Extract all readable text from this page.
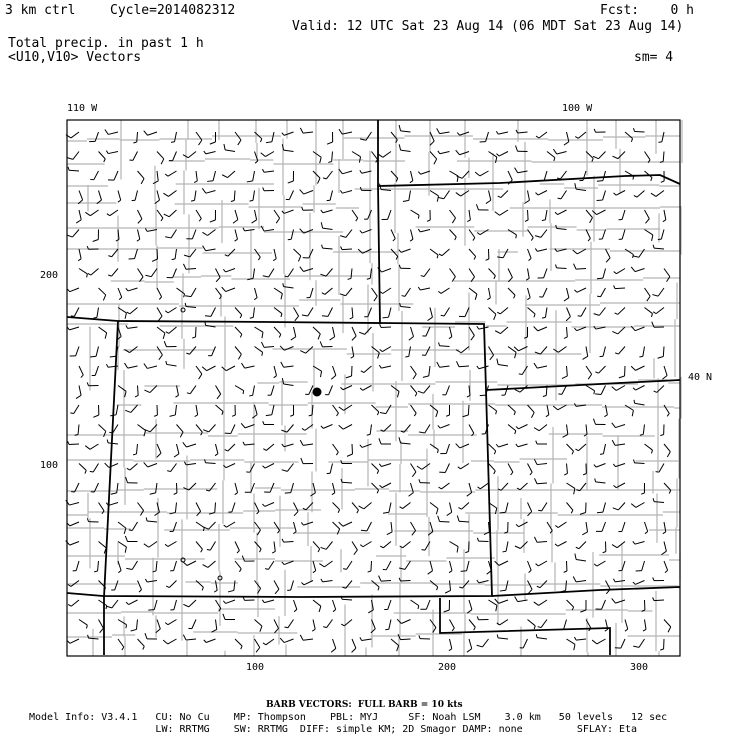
3 km ctrl	Cycle=2014082312	Fcst:    0 h
Valid: 12 UTC Sat 23 Aug 14 (06 MDT Sat 23 Aug 14)
Total precip. in past 1 h
<U10,V10> Vectors	sm= 4
110 W	100 W
40 N
100	200	300
200
100
BARB VECTORS:  FULL BARB = 10 kts
Model Info: V3.4.1   CU: No Cu    MP: Thompson    PBL: MYJ     SF: Noah LSM    3.0 km   50 levels   12 sec
LW: RRTMG    SW: RRTMG  DIFF: simple KM; 2D Smagor DAMP: none         SFLAY: Eta
